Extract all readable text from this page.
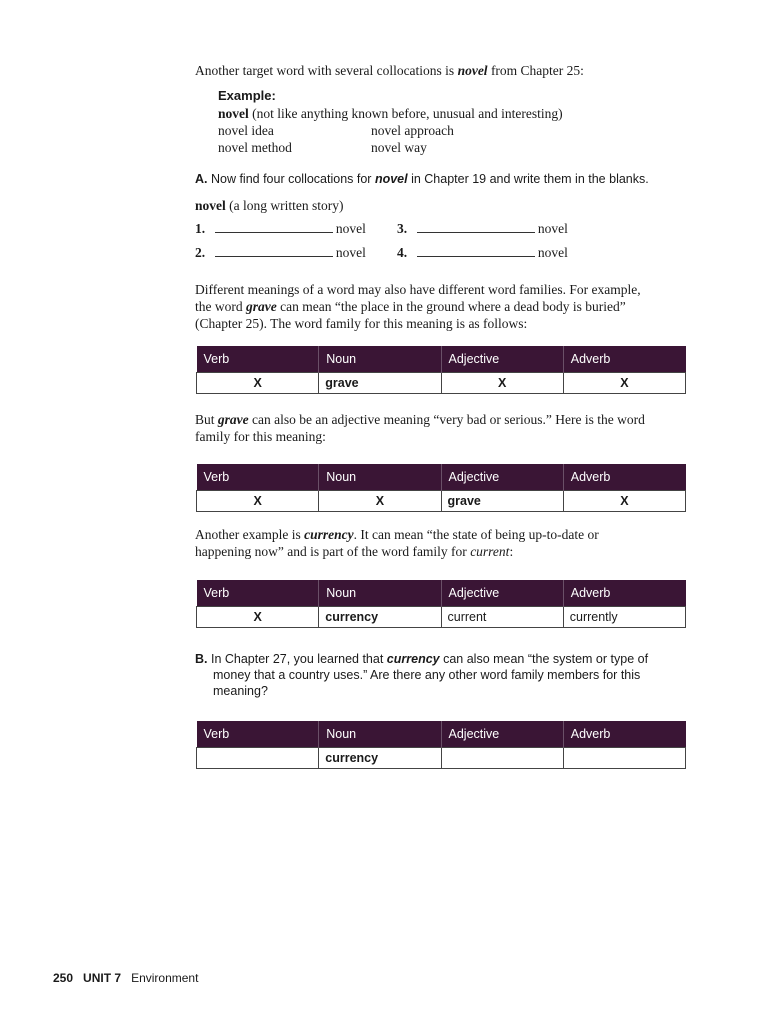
Another target word with several collocations is novel from Chapter 25:
Example:
novel (not like anything known before, unusual and interesting)
novel idea	novel approach
novel method	novel way
A. Now find four collocations for novel in Chapter 19 and write them in the blanks.
novel (a long written story)
1.	novel 3.	novel
2.	novel 4.	novel
Different meanings of a word may also have different word families. For example,
the word grave can mean “the place in the ground where a dead body is buried”
(Chapter 25). The word family for this meaning is as follows:
Verb	Noun	Adjective	Adverb
X	grave	X	X
But grave can also be an adjective meaning “very bad or serious.” Here is the word
family for this meaning:
Verb	Noun	Adjective	Adverb
X	X	grave	X
Another example is currency. It can mean “the state of being up-to-date or
happening now” and is part of the word family for current:
Verb	Noun	Adjective	Adverb
X	currency	current	currently
B. In Chapter 27, you learned that currency can also mean “the system or type of
money that a country uses.” Are there any other word family members for this
meaning?
Verb	Noun	Adjective	Adverb
	currency		
250 UNIT 7 Environment
